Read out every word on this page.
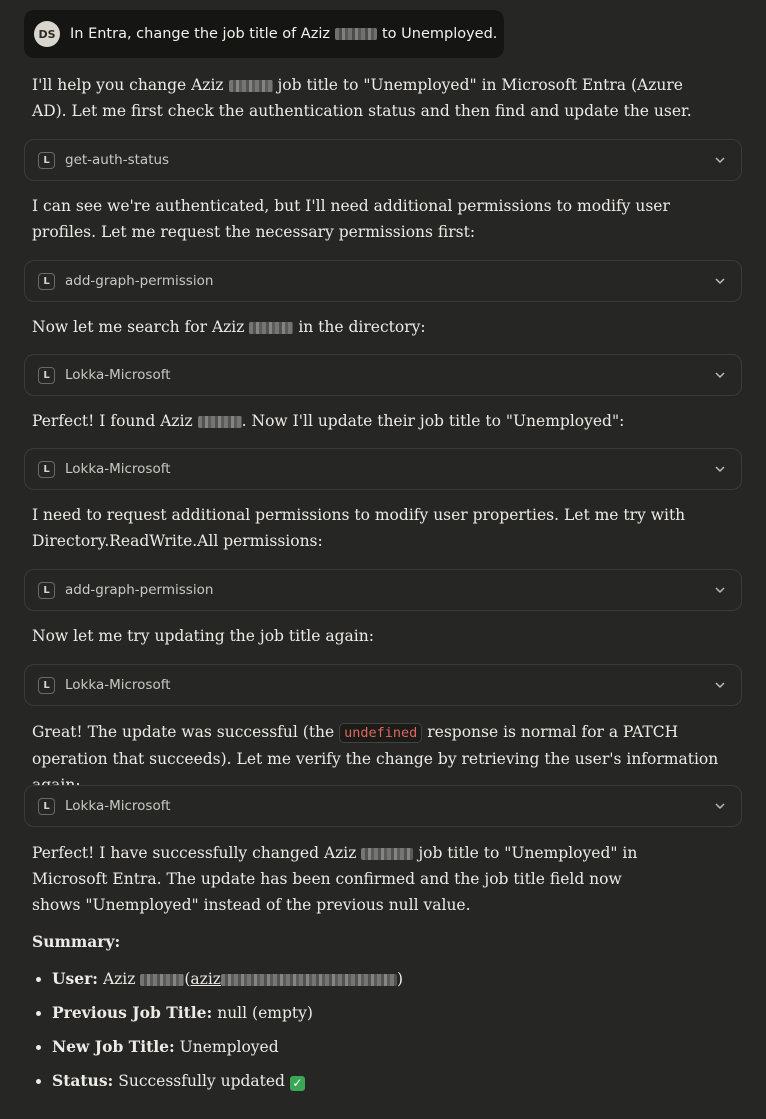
DS In Entra, change the job title of Aziz	to Unemployed.
I'll help you change Aziz	job title to "Unemployed" in Microsoft Entra (Azure AD). Let me first check the authentication status and then find and update the user.
L	get-auth-status
I can see we're authenticated, but I'll need additional permissions to modify user profiles. Let me request the necessary permissions first:
L	add-graph-permission
Now let me search for Aziz	in the directory:
L	Lokka-Microsoft
Perfect! I found Aziz	. Now I'll update their job title to "Unemployed":
L	Lokka-Microsoft
I need to request additional permissions to modify user properties. Let me try with Directory.ReadWrite.All permissions:
L	add-graph-permission
Now let me try updating the job title again:
L	Lokka-Microsoft
Great! The update was successful (the undefined response is normal for a PATCH operation that succeeds). Let me verify the change by retrieving the user's information
L	Lokka-Microsoft
Perfect! I have successfully changed Aziz	job title to "Unemployed" in Microsoft Entra. The update has been confirmed and the job title field now shows "Unemployed" instead of the previous null value.
Summary:
• User: Aziz	(aziz	)
• Previous Job Title: null (empty)
• New Job Title: Unemployed
• Status: Successfully updated ✓
